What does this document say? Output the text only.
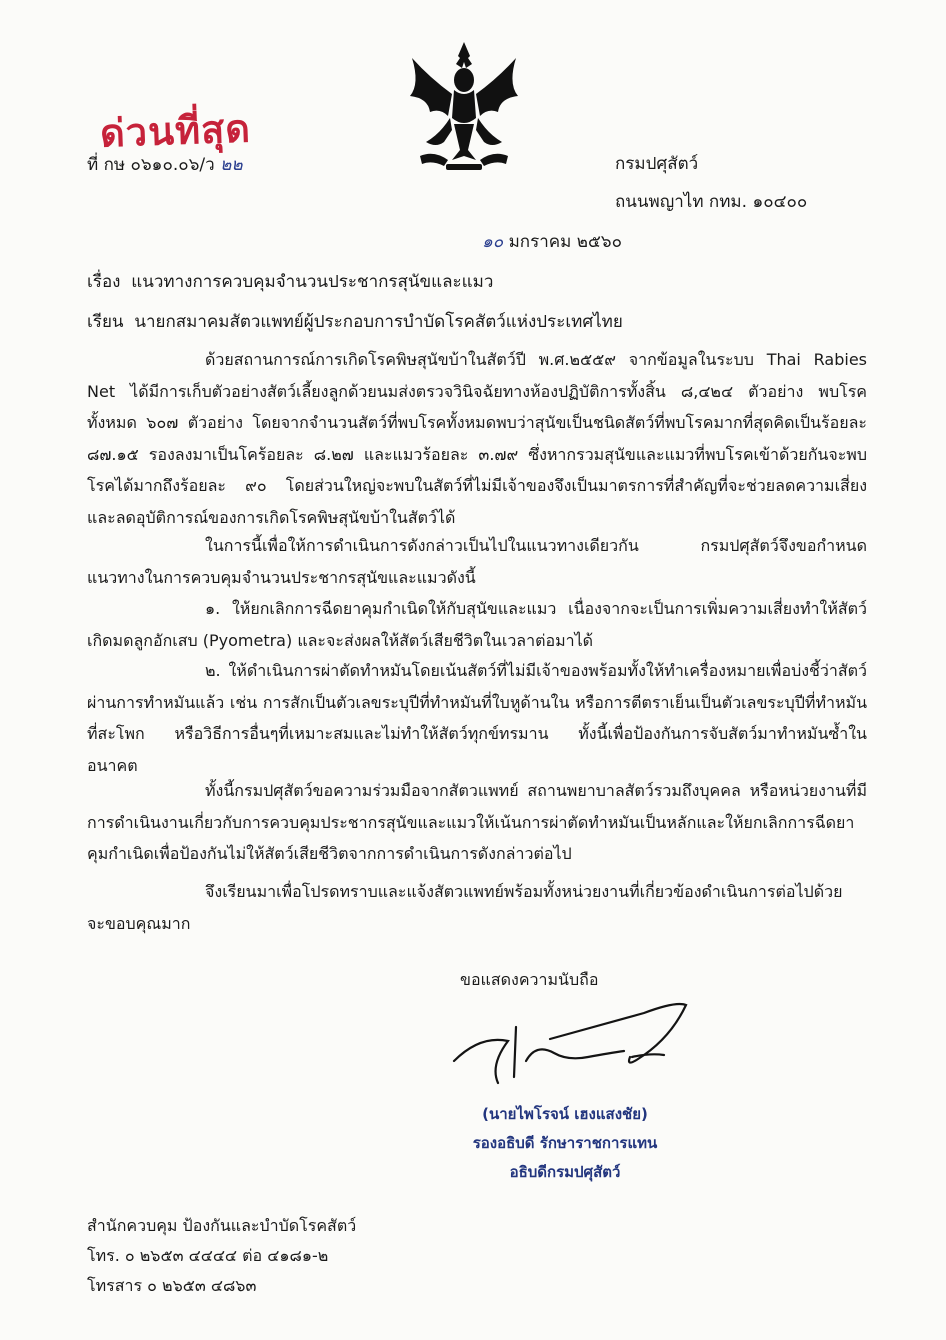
ด่วนที่สุด
ที่ กษ ๐๖๑๐.๐๖/ว ๒๒	กรมปศุสัตว์
ถนนพญาไท กทม. ๑๐๔๐๐
๑๐ มกราคม ๒๕๖๐
เรื่อง แนวทางการควบคุมจำนวนประชากรสุนัขและแมว
เรียน นายกสมาคมสัตวแพทย์ผู้ประกอบการบำบัดโรคสัตว์แห่งประเทศไทย
ด้วยสถานการณ์การเกิดโรคพิษสุนัขบ้าในสัตว์ปี พ.ศ.๒๕๕๙ จากข้อมูลในระบบ Thai Rabies Net ได้มีการเก็บตัวอย่างสัตว์เลี้ยงลูกด้วยนมส่งตรวจวินิจฉัยทางห้องปฏิบัติการทั้งสิ้น ๘,๔๒๔ ตัวอย่าง พบโรคทั้งหมด ๖๐๗ ตัวอย่าง โดยจากจำนวนสัตว์ที่พบโรคทั้งหมดพบว่าสุนัขเป็นชนิดสัตว์ที่พบโรคมากที่สุดคิดเป็นร้อยละ ๘๗.๑๕ รองลงมาเป็นโคร้อยละ ๘.๒๗ และแมวร้อยละ ๓.๗๙ ซึ่งหากรวมสุนัขและแมวที่พบโรคเข้าด้วยกันจะพบโรคได้มากถึงร้อยละ ๙๐ โดยส่วนใหญ่จะพบในสัตว์ที่ไม่มีเจ้าของจึงเป็นมาตรการที่สำคัญที่จะช่วยลดความเสี่ยงและลดอุบัติการณ์ของการเกิดโรคพิษสุนัขบ้าในสัตว์ได้
ในการนี้เพื่อให้การดำเนินการดังกล่าวเป็นไปในแนวทางเดียวกัน กรมปศุสัตว์จึงขอกำหนดแนวทางในการควบคุมจำนวนประชากรสุนัขและแมวดังนี้
๑. ให้ยกเลิกการฉีดยาคุมกำเนิดให้กับสุนัขและแมว เนื่องจากจะเป็นการเพิ่มความเสี่ยงทำให้สัตว์เกิดมดลูกอักเสบ (Pyometra) และจะส่งผลให้สัตว์เสียชีวิตในเวลาต่อมาได้
๒. ให้ดำเนินการผ่าตัดทำหมันโดยเน้นสัตว์ที่ไม่มีเจ้าของพร้อมทั้งให้ทำเครื่องหมายเพื่อบ่งชี้ว่าสัตว์ผ่านการทำหมันแล้ว เช่น การสักเป็นตัวเลขระบุปีที่ทำหมันที่ใบหูด้านใน หรือการตีตราเย็นเป็นตัวเลขระบุปีที่ทำหมันที่สะโพก หรือวิธีการอื่นๆที่เหมาะสมและไม่ทำให้สัตว์ทุกข์ทรมาน ทั้งนี้เพื่อป้องกันการจับสัตว์มาทำหมันซ้ำในอนาคต
ทั้งนี้กรมปศุสัตว์ขอความร่วมมือจากสัตวแพทย์ สถานพยาบาลสัตว์รวมถึงบุคคล หรือหน่วยงานที่มีการดำเนินงานเกี่ยวกับการควบคุมประชากรสุนัขและแมวให้เน้นการผ่าตัดทำหมันเป็นหลักและให้ยกเลิกการฉีดยาคุมกำเนิดเพื่อป้องกันไม่ให้สัตว์เสียชีวิตจากการดำเนินการดังกล่าวต่อไป
จึงเรียนมาเพื่อโปรดทราบและแจ้งสัตวแพทย์พร้อมทั้งหน่วยงานที่เกี่ยวข้องดำเนินการต่อไปด้วย
จะขอบคุณมาก
ขอแสดงความนับถือ
(นายไพโรจน์ เฮงแสงชัย)
รองอธิบดี รักษาราชการแทน
อธิบดีกรมปศุสัตว์
สำนักควบคุม ป้องกันและบำบัดโรคสัตว์
โทร. ๐ ๒๖๕๓ ๔๔๔๔ ต่อ ๔๑๘๑-๒
โทรสาร ๐ ๒๖๕๓ ๔๘๖๓
